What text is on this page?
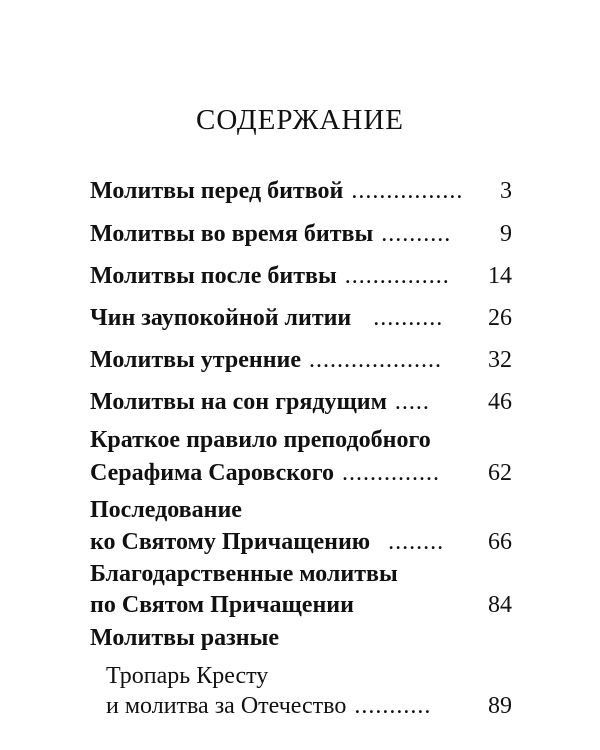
СОДЕРЖАНИЕ
Молитвы перед битвой ................	3
Молитвы во время битвы ..........	9
Молитвы после битвы ...............	14
Чин заупокойной литии ..........	26
Молитвы утренние ...................	32
Молитвы на сон грядущим .....	46
Краткое правило преподобного
Серафима Саровского ..............	62
Последование
ко Святому Причащению ........	66
Благодарственные молитвы
по Святом Причащении	84
Молитвы разные
Тропарь Кресту
и молитва за Отечество ...........	89
